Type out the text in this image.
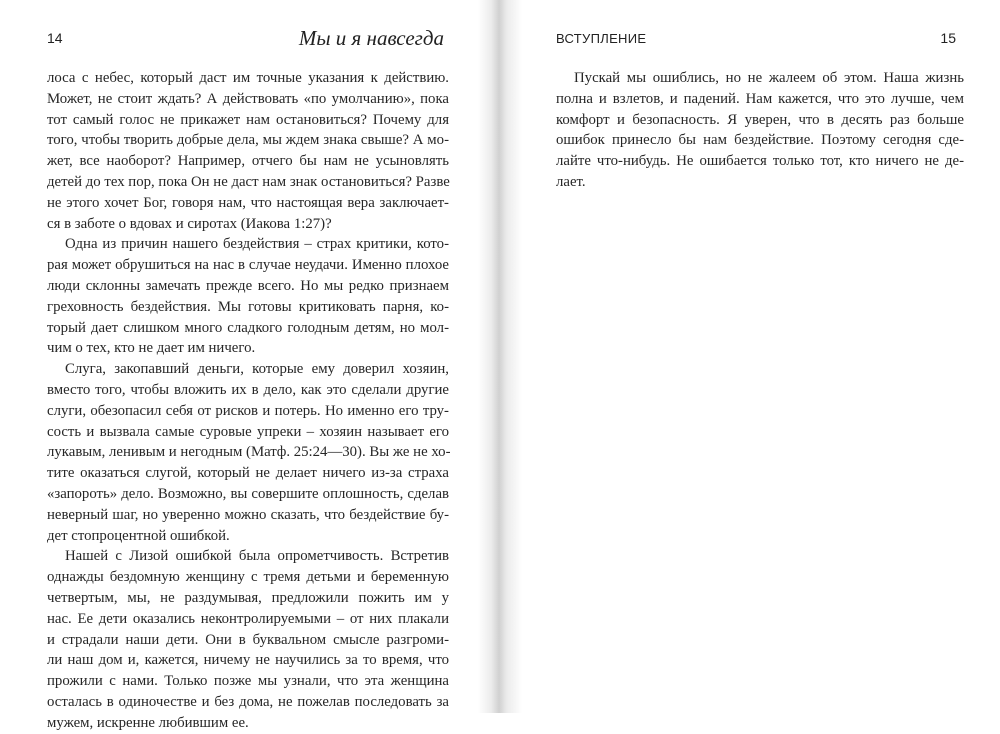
14	Мы и я навсегда
лоса с небес, который даст им точные указания к действию.
Может, не стоит ждать? А действовать «по умолчанию», пока
тот самый голос не прикажет нам остановиться? Почему для
того, чтобы творить добрые дела, мы ждем знака свыше? А мо-
жет, все наоборот? Например, отчего бы нам не усыновлять
детей до тех пор, пока Он не даст нам знак остановиться? Разве
не этого хочет Бог, говоря нам, что настоящая вера заключает-
ся в заботе о вдовах и сиротах (Иакова 1:27)?
Одна из причин нашего бездействия – страх критики, кото-
рая может обрушиться на нас в случае неудачи. Именно плохое
люди склонны замечать прежде всего. Но мы редко признаем
греховность бездействия. Мы готовы критиковать парня, ко-
торый дает слишком много сладкого голодным детям, но мол-
чим о тех, кто не дает им ничего.
Слуга, закопавший деньги, которые ему доверил хозяин,
вместо того, чтобы вложить их в дело, как это сделали другие
слуги, обезопасил себя от рисков и потерь. Но именно его тру-
сость и вызвала самые суровые упреки – хозяин называет его
лукавым, ленивым и негодным (Матф. 25:24—30). Вы же не хо-
тите оказаться слугой, который не делает ничего из-за страха
«запороть» дело. Возможно, вы совершите оплошность, сделав
неверный шаг, но уверенно можно сказать, что бездействие бу-
дет стопроцентной ошибкой.
Нашей с Лизой ошибкой была опрометчивость. Встретив
однажды бездомную женщину с тремя детьми и беременную
четвертым, мы, не раздумывая, предложили пожить им у
нас. Ее дети оказались неконтролируемыми – от них плакали
и страдали наши дети. Они в буквальном смысле разгроми-
ли наш дом и, кажется, ничему не научились за то время, что
прожили с нами. Только позже мы узнали, что эта женщина
осталась в одиночестве и без дома, не пожелав последовать за
мужем, искренне любившим ее.
ВСТУПЛЕНИЕ	15
Пускай мы ошиблись, но не жалеем об этом. Наша жизнь
полна и взлетов, и падений. Нам кажется, что это лучше, чем
комфорт и безопасность. Я уверен, что в десять раз больше
ошибок принесло бы нам бездействие. Поэтому сегодня сде-
лайте что-нибудь. Не ошибается только тот, кто ничего не де-
лает.
